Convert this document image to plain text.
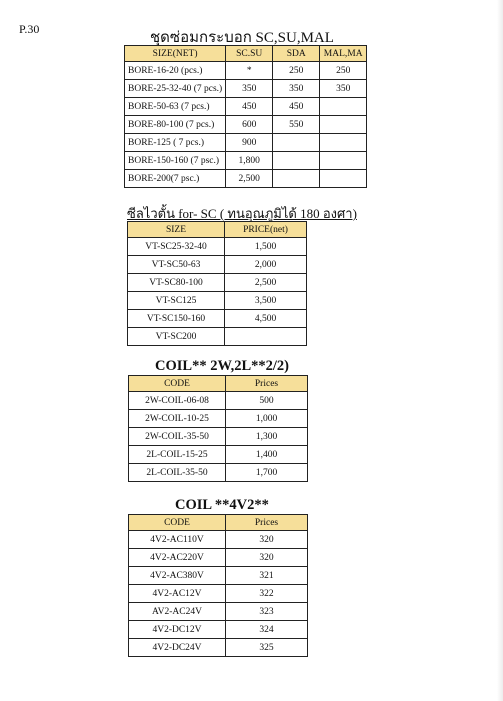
P.30
ชุดซ่อมกระบอก SC,SU,MAL
SIZE(NET)	SC.SU	SDA	MAL,MA
BORE-16-20 (pcs.)	*	250	250
BORE-25-32-40 (7 pcs.)	350	350	350
BORE-50-63 (7 pcs.)	450	450	
BORE-80-100 (7 pcs.)	600	550	
BORE-125 ( 7 pcs.)	900		
BORE-150-160 (7 psc.)	1,800		
BORE-200(7 psc.)	2,500		
ซีลไวตั้น for- SC ( ทนอุณภูมิได้ 180 องศา)
SIZE	PRICE(net)
VT-SC25-32-40	1,500
VT-SC50-63	2,000
VT-SC80-100	2,500
VT-SC125	3,500
VT-SC150-160	4,500
VT-SC200	
COIL** 2W,2L**2/2)
CODE	Prices
2W-COIL-06-08	500
2W-COIL-10-25	1,000
2W-COIL-35-50	1,300
2L-COIL-15-25	1,400
2L-COIL-35-50	1,700
COIL **4V2**
CODE	Prices
4V2-AC110V	320
4V2-AC220V	320
4V2-AC380V	321
4V2-AC12V	322
AV2-AC24V	323
4V2-DC12V	324
4V2-DC24V	325
